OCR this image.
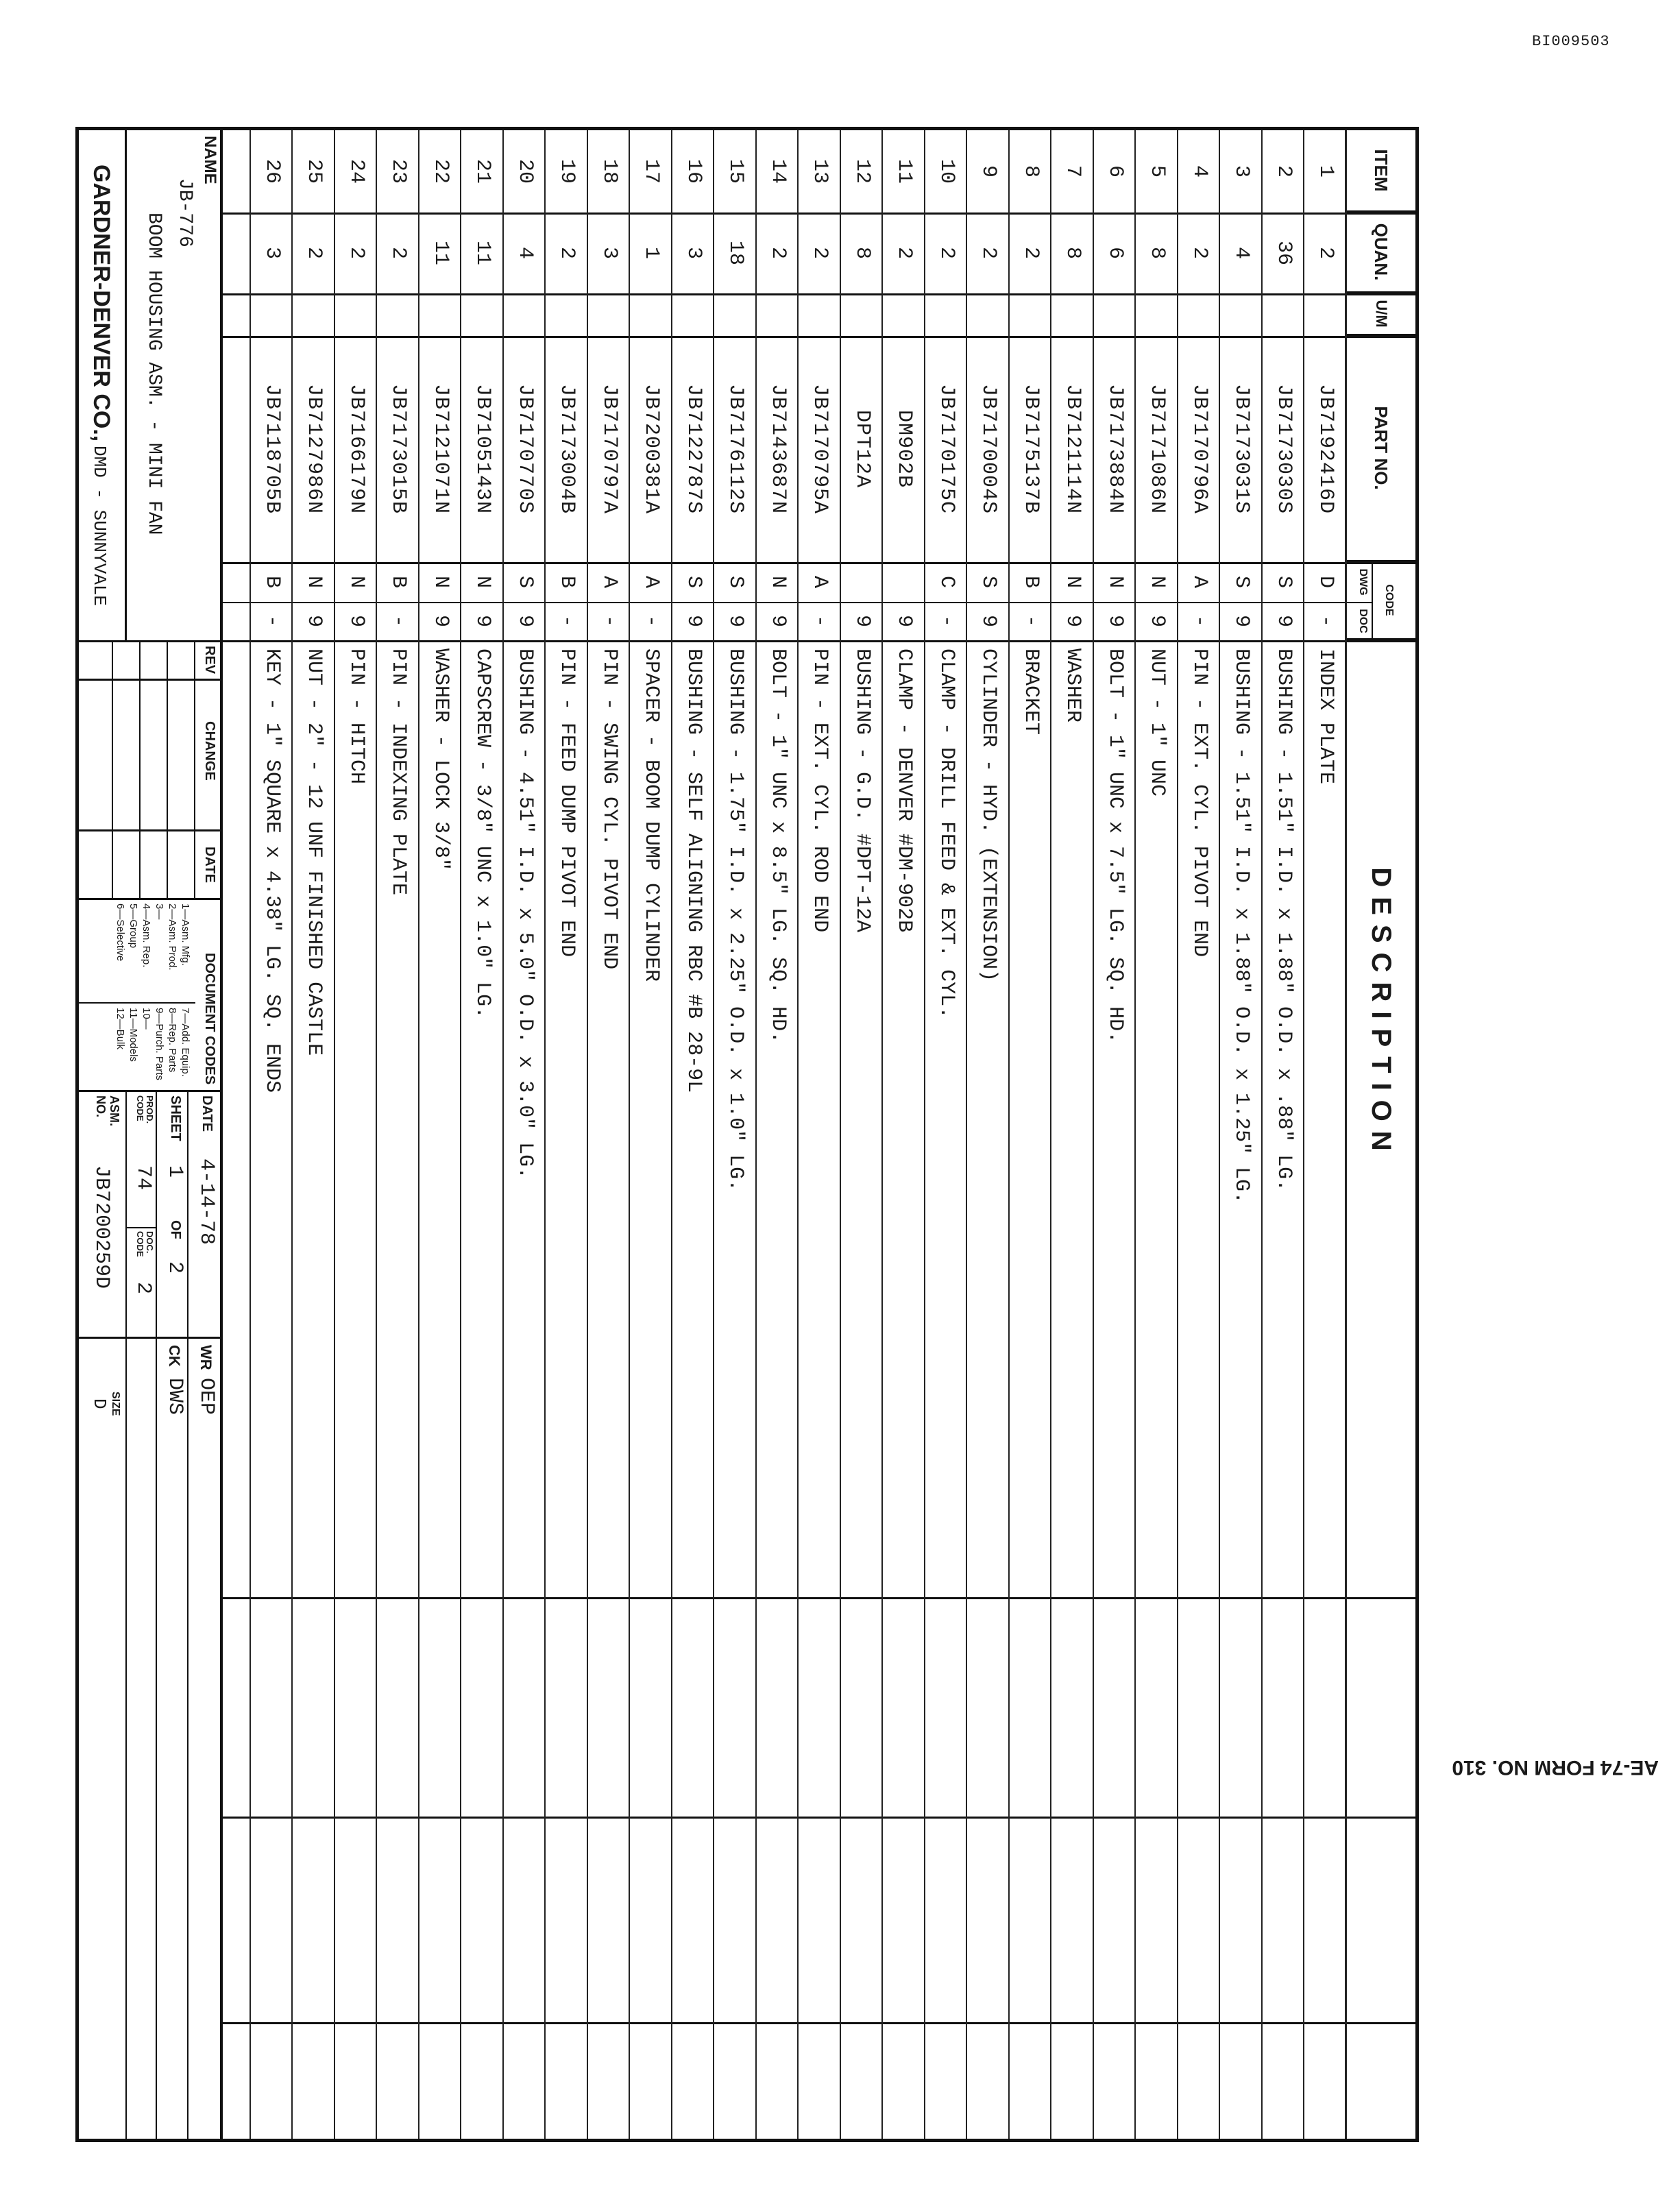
BI009503
AE-74 FORM NO. 310
ITEM
QUAN.
U/M
PART NO.
CODE
DWG
DOC
DESCRIPTION
1
2
JB7192416D
D
-
INDEX PLATE
2
36
JB7173030S
S
9
BUSHING - 1.51" I.D. x 1.88" O.D. x .88" LG.
3
4
JB7173031S
S
9
BUSHING - 1.51" I.D. x 1.88" O.D. x 1.25" LG.
4
2
JB7170796A
A
-
PIN - EXT. CYL. PIVOT END
5
8
JB7171086N
N
9
NUT - 1" UNC
6
6
JB7173884N
N
9
BOLT - 1" UNC x 7.5" LG. SQ. HD.
7
8
JB7121114N
N
9
WASHER
8
2
JB7175137B
B
-
BRACKET
9
2
JB7170004S
S
9
CYLINDER - HYD. (EXTENSION)
10
2
JB7170175C
C
-
CLAMP - DRILL FEED & EXT. CYL.
11
2
DM902B
9
CLAMP - DENVER #DM-902B
12
8
DPT12A
9
BUSHING - G.D. #DPT-12A
13
2
JB7170795A
A
-
PIN - EXT. CYL. ROD END
14
2
JB7143687N
N
9
BOLT - 1" UNC x 8.5" LG. SQ. HD.
15
18
JB7176112S
S
9
BUSHING - 1.75" I.D. x 2.25" O.D. x 1.0" LG.
16
3
JB7122787S
S
9
BUSHING - SELF ALIGNING RBC #B 28-9L
17
1
JB7200381A
A
-
SPACER - BOOM DUMP CYLINDER
18
3
JB7170797A
A
-
PIN - SWING CYL. PIVOT END
19
2
JB7173004B
B
-
PIN - FEED DUMP PIVOT END
20
4
JB7170770S
S
9
BUSHING - 4.51" I.D. x 5.0" O.D. x 3.0" LG.
21
11
JB7105143N
N
9
CAPSCREW - 3/8" UNC x 1.0" LG.
22
11
JB7121071N
N
9
WASHER - LOCK 3/8"
23
2
JB7173015B
B
-
PIN - INDEXING PLATE
24
2
JB7166179N
N
9
PIN - HITCH
25
2
JB7127986N
N
9
NUT - 2" - 12 UNF FINISHED CASTLE
26
3
JB7118705B
B
-
KEY - 1" SQUARE x 4.38" LG. SQ. ENDS
NAME
JB-776
BOOM HOUSING ASM. - MINI FAN
GARDNER-DENVER CO.,
DMD - SUNNYVALE
REV
CHANGE
DATE
DOCUMENT CODES
1—Asm. Mfg.
2—Asm. Prod.
3—
4—Asm. Rep.
5—Group
6—Selective
7—Add. Equip.
8—Rep. Parts
9—Purch. Parts
10—
11—Models
12—Bulk
DATE
4-14-78
SHEET
1
OF
2
PROD. CODE
74
DOC. CODE
2
ASM. NO.
JB7200259D
WR
OEP
CK
DWS
SIZE
D
